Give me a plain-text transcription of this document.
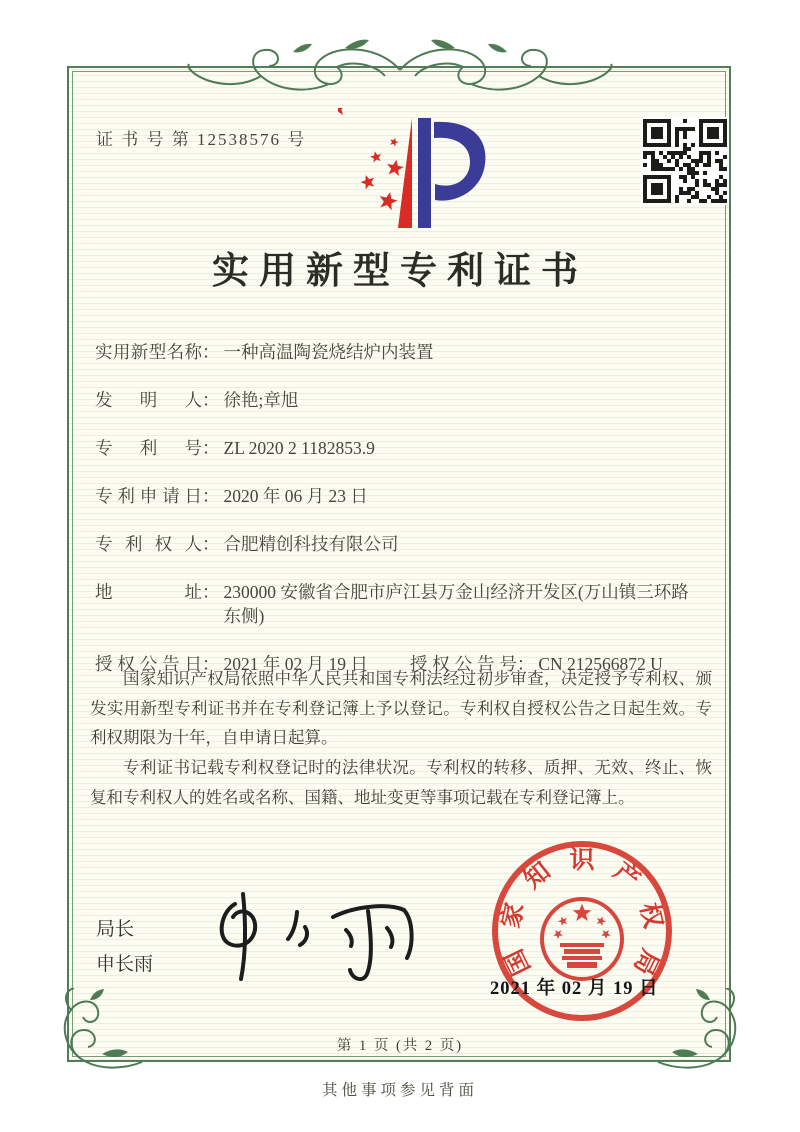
证 书 号 第 12538576 号
实用新型专利证书
实用新型名称 ： 一种高温陶瓷烧结炉内装置
发明人 ： 徐艳;章旭
专利号 ： ZL 2020 2 1182853.9
专利申请日 ： 2020 年 06 月 23 日
专利权人 ： 合肥精创科技有限公司
地址 ： 230000 安徽省合肥市庐江县万金山经济开发区(万山镇三环路东侧)
授权公告日 ： 2021 年 02 月 19 日 授权公告号 ： CN 212566872 U

国家知识产权局依照中华人民共和国专利法经过初步审查，决定授予专利权、颁发实用新型专利证书并在专利登记簿上予以登记。专利权自授权公告之日起生效。专利权期限为十年，自申请日起算。

专利证书记载专利权登记时的法律状况。专利权的转移、质押、无效、终止、恢复和专利权人的姓名或名称、国籍、地址变更等事项记载在专利登记簿上。

局长
申长雨	国
家
知 识 产
权
局
2021 年 02 月 19 日
第 1 页 (共 2 页)
其他事项参见背面
